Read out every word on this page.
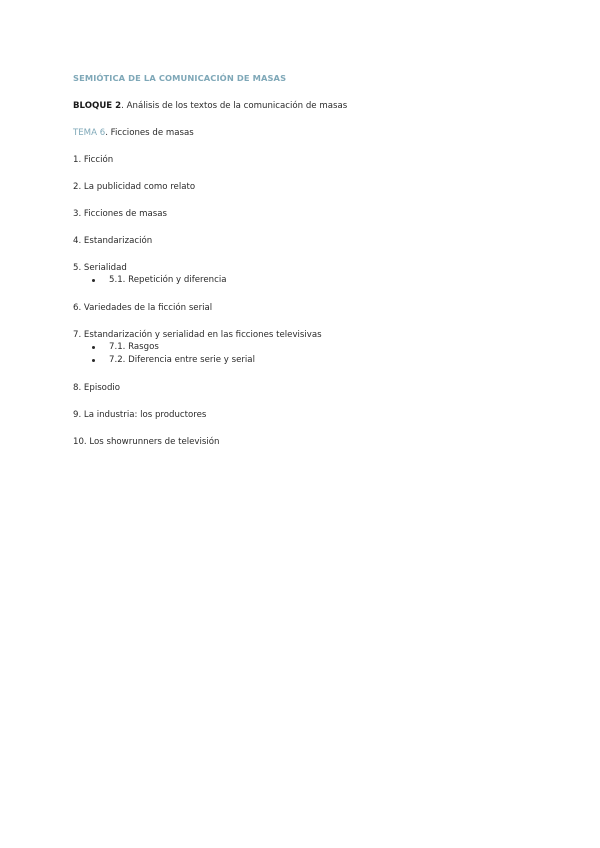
SEMIÓTICA DE LA COMUNICACIÓN DE MASAS
BLOQUE 2. Análisis de los textos de la comunicación de masas
TEMA 6. Ficciones de masas
1. Ficción
2. La publicidad como relato
3. Ficciones de masas
4. Estandarización
5. Serialidad
5.1. Repetición y diferencia
6. Variedades de la ficción serial
7. Estandarización y serialidad en las ficciones televisivas
7.1. Rasgos
7.2. Diferencia entre serie y serial
8. Episodio
9. La industria: los productores
10. Los showrunners de televisión
